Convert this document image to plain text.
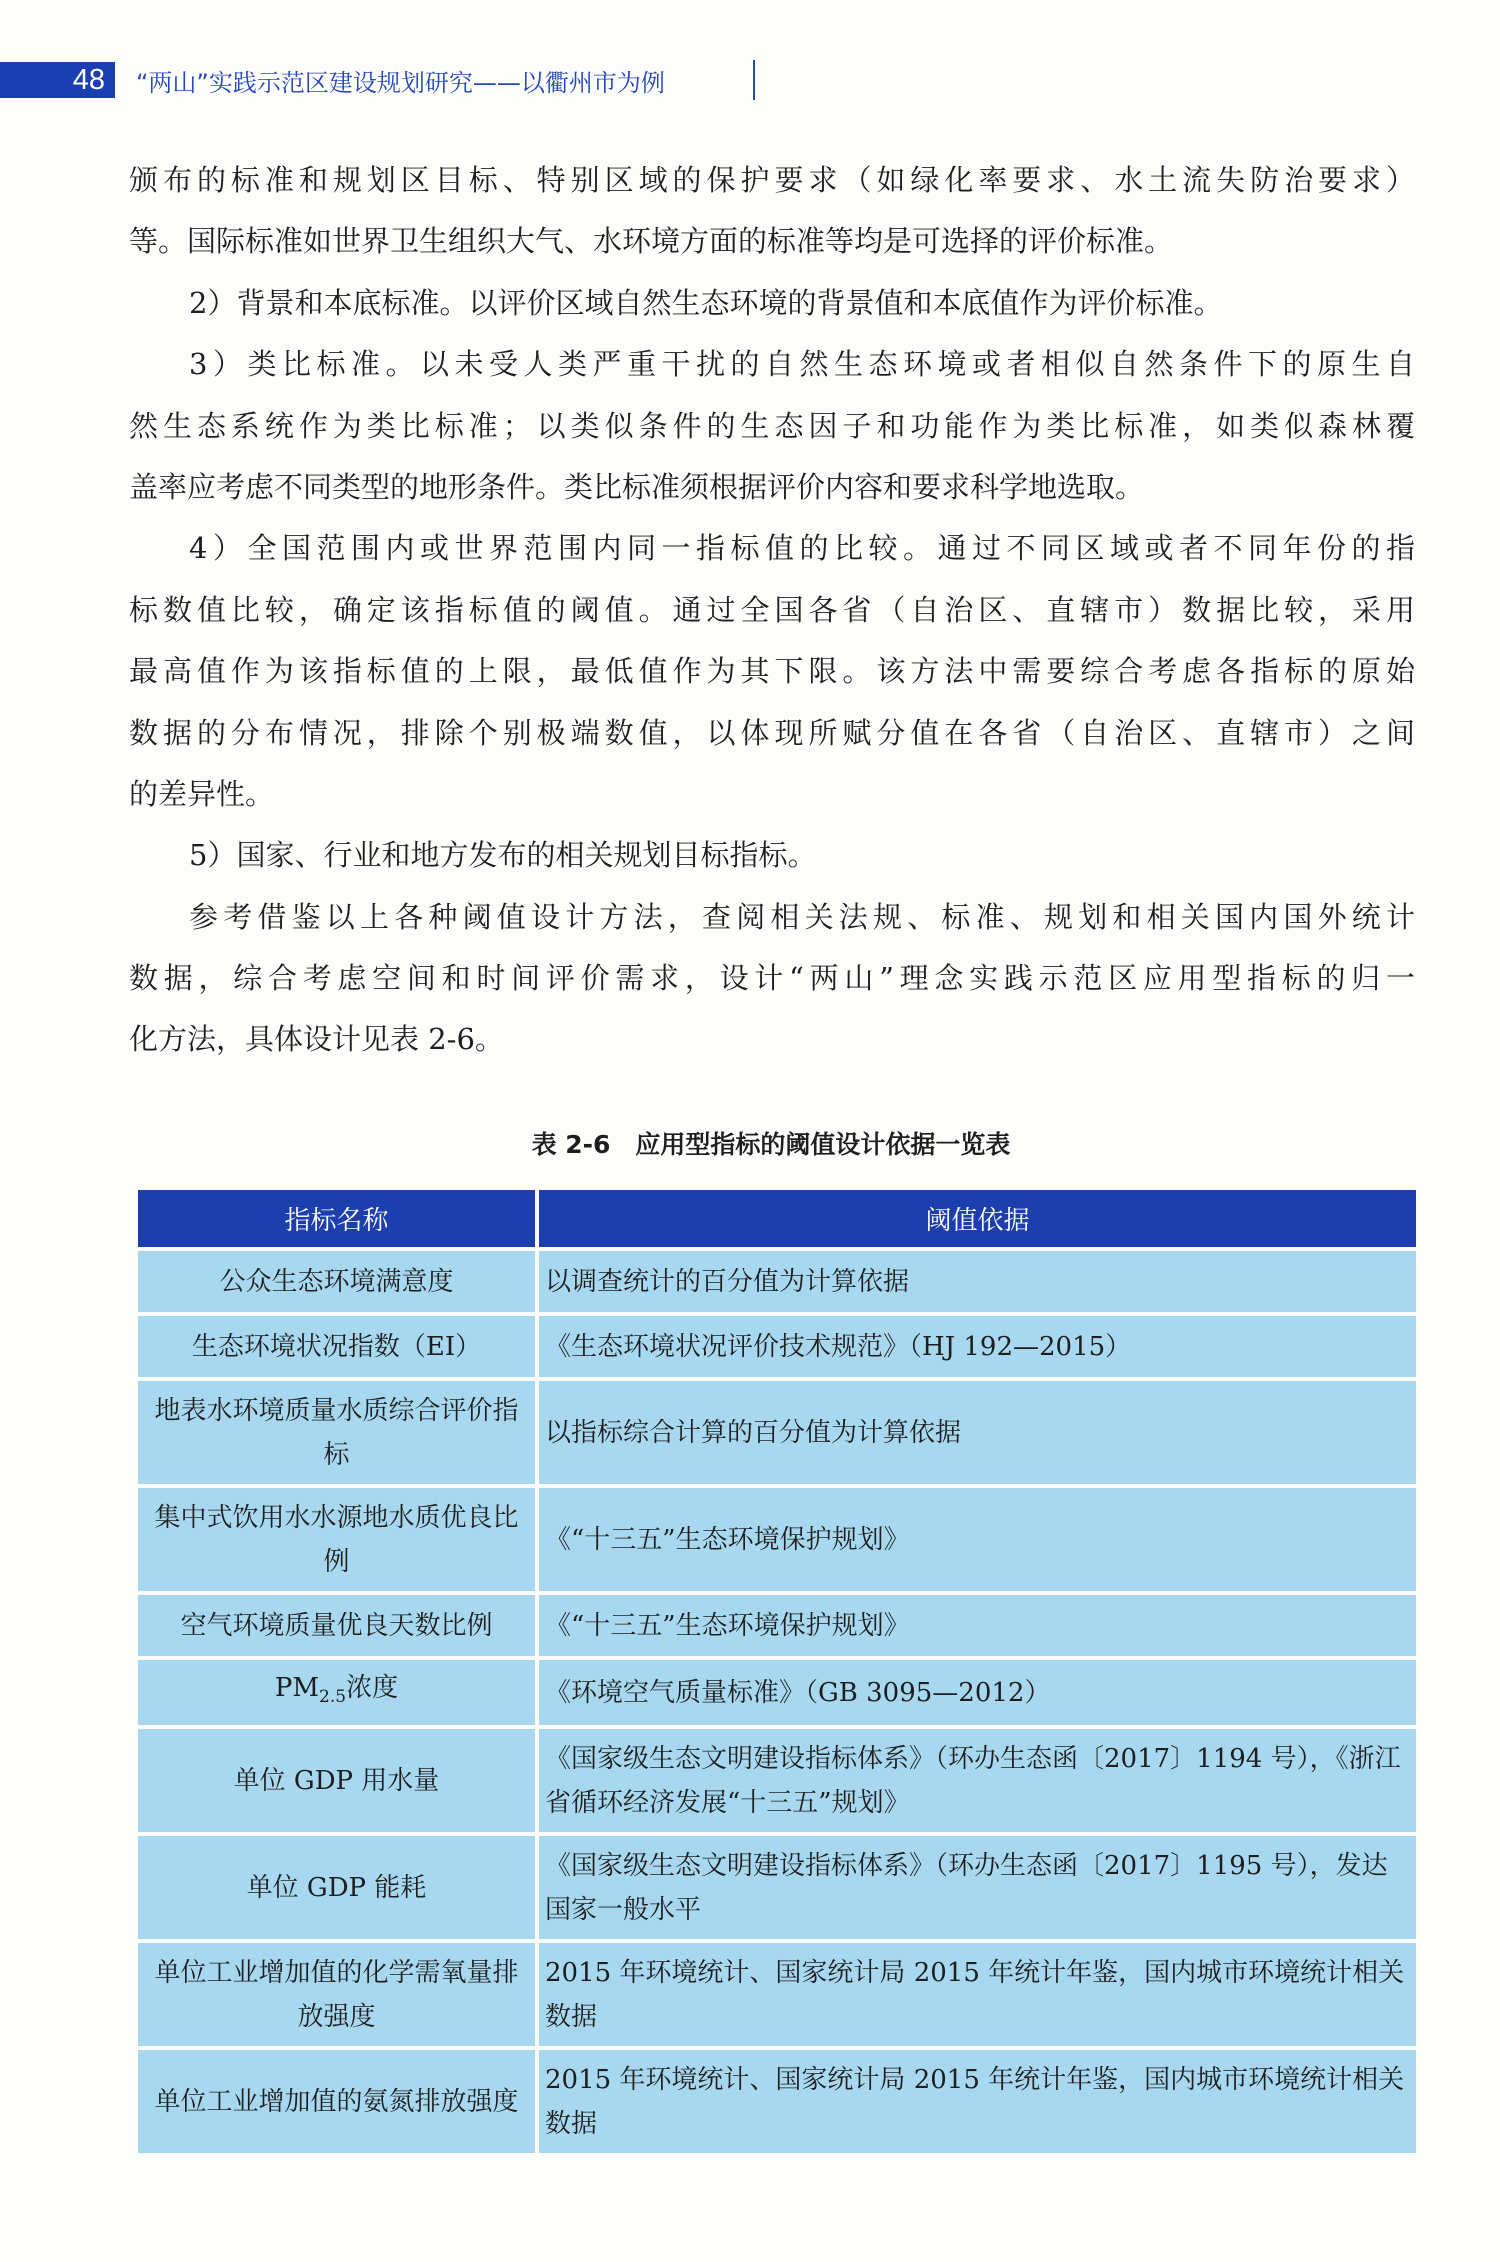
48 “两山”实践示范区建设规划研究——以衢州市为例
颁布的标准和规划区目标、特别区域的保护要求（如绿化率要求、水土流失防治要求）
等。国际标准如世界卫生组织大气、水环境方面的标准等均是可选择的评价标准。
2）背景和本底标准。以评价区域自然生态环境的背景值和本底值作为评价标准。
3）类比标准。以未受人类严重干扰的自然生态环境或者相似自然条件下的原生自
然生态系统作为类比标准；以类似条件的生态因子和功能作为类比标准，如类似森林覆
盖率应考虑不同类型的地形条件。类比标准须根据评价内容和要求科学地选取。
4）全国范围内或世界范围内同一指标值的比较。通过不同区域或者不同年份的指
标数值比较，确定该指标值的阈值。通过全国各省（自治区、直辖市）数据比较，采用
最高值作为该指标值的上限，最低值作为其下限。该方法中需要综合考虑各指标的原始
数据的分布情况，排除个别极端数值，以体现所赋分值在各省（自治区、直辖市）之间
的差异性。
5）国家、行业和地方发布的相关规划目标指标。
参考借鉴以上各种阈值设计方法，查阅相关法规、标准、规划和相关国内国外统计
数据，综合考虑空间和时间评价需求，设计“两山”理念实践示范区应用型指标的归一
化方法，具体设计见表 2-6。
表 2-6　应用型指标的阈值设计依据一览表
指标名称	阈值依据
公众生态环境满意度	以调查统计的百分值为计算依据
生态环境状况指数（EI）	《生态环境状况评价技术规范》（HJ 192—2015）
地表水环境质量水质综合评价指标	以指标综合计算的百分值为计算依据
集中式饮用水水源地水质优良比例	《“十三五”生态环境保护规划》
空气环境质量优良天数比例	《“十三五”生态环境保护规划》
$PM_{2.5}$浓度	《环境空气质量标准》（GB 3095—2012）
单位 GDP 用水量	《国家级生态文明建设指标体系》（环办生态函〔2017〕1194 号），《浙江省循环经济发展“十三五”规划》
单位 GDP 能耗	《国家级生态文明建设指标体系》（环办生态函〔2017〕1195 号），发达国家一般水平
单位工业增加值的化学需氧量排放强度	2015 年环境统计、国家统计局 2015 年统计年鉴，国内城市环境统计相关数据
单位工业增加值的氨氮排放强度	2015 年环境统计、国家统计局 2015 年统计年鉴，国内城市环境统计相关数据
